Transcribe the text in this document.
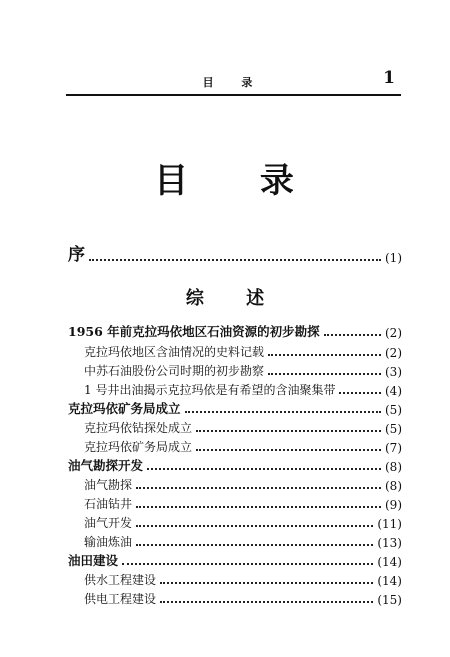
目 录	1
目 录
序	(1)
综 述
1956 年前克拉玛依地区石油资源的初步勘探	(2)
克拉玛依地区含油情况的史料记载	(2)
中苏石油股份公司时期的初步勘察	(3)
1 号井出油揭示克拉玛依是有希望的含油聚集带	(4)
克拉玛依矿务局成立	(5)
克拉玛依钻探处成立	(5)
克拉玛依矿务局成立	(7)
油气勘探开发	(8)
油气勘探	(8)
石油钻井	(9)
油气开发	(11)
输油炼油	(13)
油田建设	(14)
供水工程建设	(14)
供电工程建设	(15)
